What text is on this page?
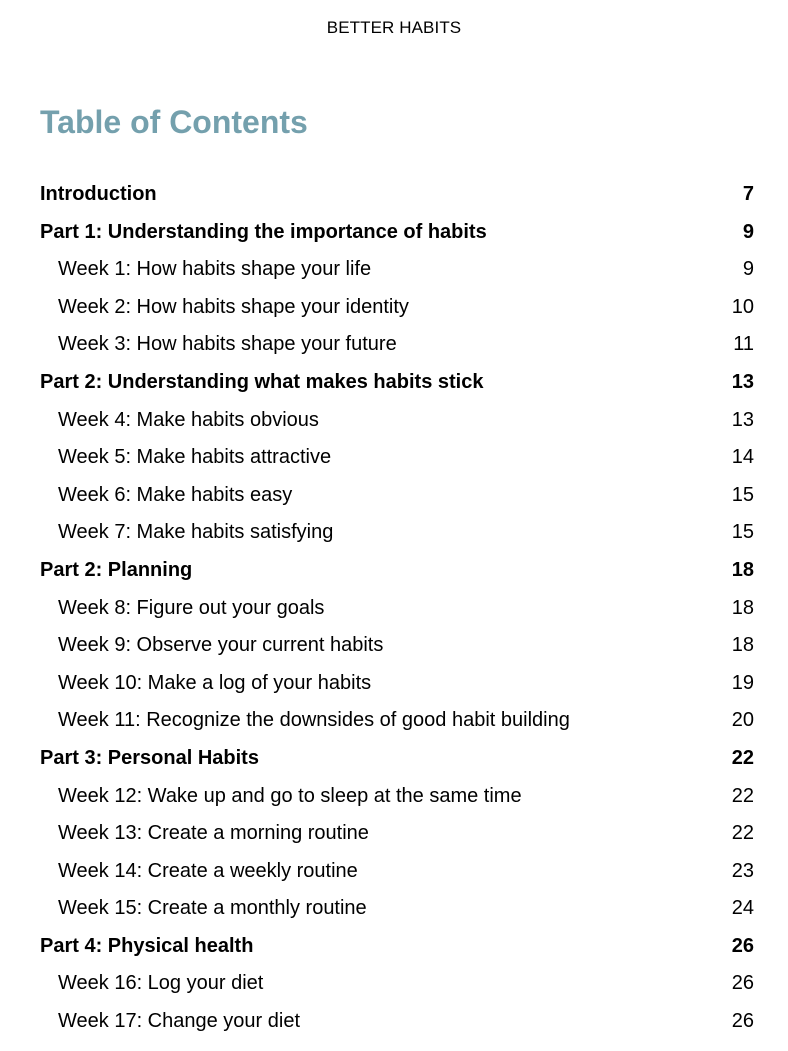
BETTER HABITS
Table of Contents
Introduction	7
Part 1: Understanding the importance of habits	9
Week 1: How habits shape your life	9
Week 2: How habits shape your identity	10
Week 3: How habits shape your future	11
Part 2: Understanding what makes habits stick	13
Week 4: Make habits obvious	13
Week 5: Make habits attractive	14
Week 6: Make habits easy	15
Week 7: Make habits satisfying	15
Part 2: Planning	18
Week 8: Figure out your goals	18
Week 9: Observe your current habits	18
Week 10: Make a log of your habits	19
Week 11: Recognize the downsides of good habit building	20
Part 3: Personal Habits	22
Week 12: Wake up and go to sleep at the same time	22
Week 13: Create a morning routine	22
Week 14: Create a weekly routine	23
Week 15: Create a monthly routine	24
Part 4: Physical health	26
Week 16: Log your diet	26
Week 17: Change your diet	26
